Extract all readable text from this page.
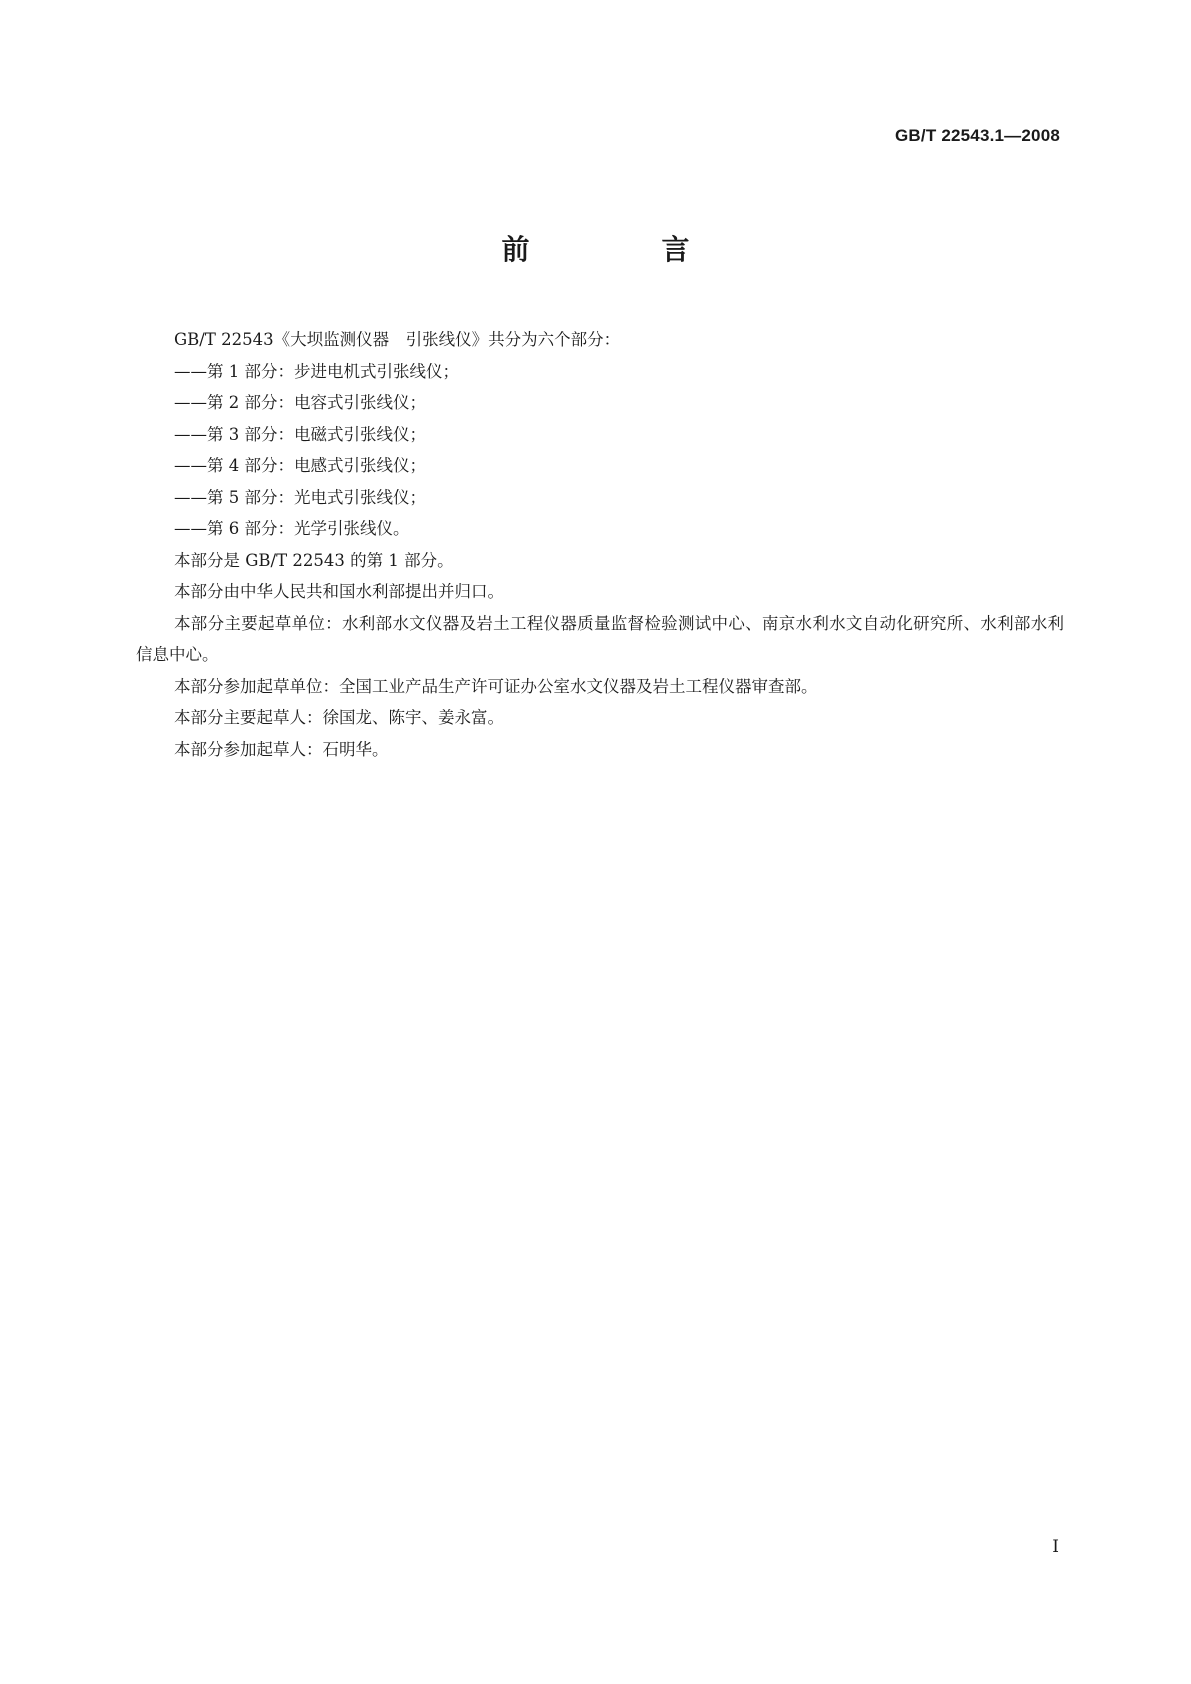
GB/T 22543.1—2008
前　言

GB/T 22543《大坝监测仪器　引张线仪》共分为六个部分：

——第 1 部分：步进电机式引张线仪；

——第 2 部分：电容式引张线仪；

——第 3 部分：电磁式引张线仪；

——第 4 部分：电感式引张线仪；

——第 5 部分：光电式引张线仪；

——第 6 部分：光学引张线仪。

本部分是 GB/T 22543 的第 1 部分。

本部分由中华人民共和国水利部提出并归口。

本部分主要起草单位：水利部水文仪器及岩土工程仪器质量监督检验测试中心、南京水利水文自动化研究所、水利部水利信息中心。

本部分参加起草单位：全国工业产品生产许可证办公室水文仪器及岩土工程仪器审查部。

本部分主要起草人：徐国龙、陈宇、姜永富。

本部分参加起草人：石明华。

I
